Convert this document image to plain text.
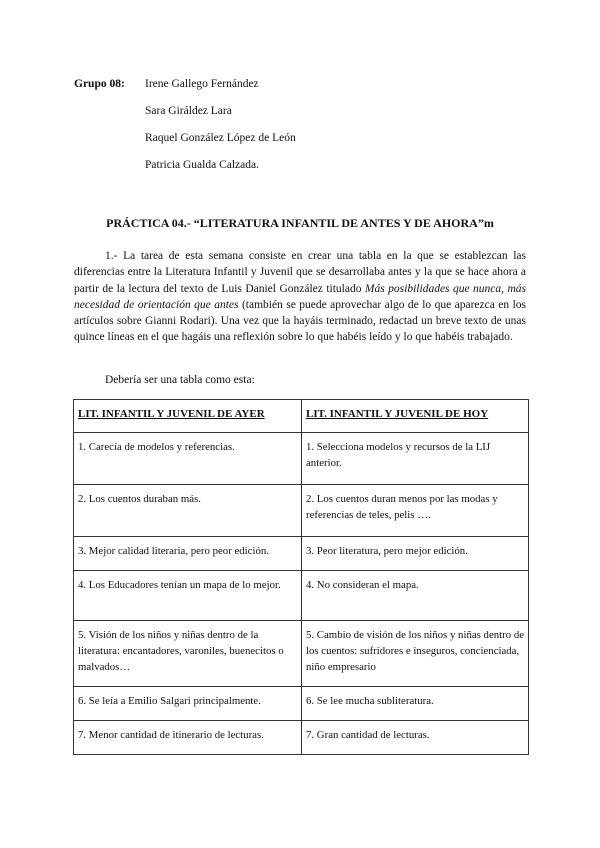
Grupo 08:	Irene Gallego Fernández
Sara Giráldez Lara
Raquel González López de León
Patricia Gualda Calzada.
PRÁCTICA 04.- “LITERATURA INFANTIL DE ANTES Y DE AHORA”m
1.- La tarea de esta semana consiste en crear una tabla en la que se establezcan las diferencias entre la Literatura Infantil y Juvenil que se desarrollaba antes y la que se hace ahora a partir de la lectura del texto de Luis Daniel González titulado Más posibilidades que nunca, más necesidad de orientación que antes (también se puede aprovechar algo de lo que aparezca en los artículos sobre Gianni Rodari). Una vez que la hayáis terminado, redactad un breve texto de unas quince líneas en el que hagáis una reflexión sobre lo que habéis leído y lo que habéis trabajado.
Debería ser una tabla como esta:
LIT. INFANTIL Y JUVENIL DE AYER	LIT. INFANTIL Y JUVENIL DE HOY
1. Carecía de modelos y referencias.	1. Selecciona modelos y recursos de la LIJ anterior.
2. Los cuentos duraban más.	2. Los cuentos duran menos por las modas y referencias de teles, pelis ….
3. Mejor calidad literaria, pero peor edición.	3. Peor literatura, pero mejor edición.
4. Los Educadores tenían un mapa de lo mejor.	4. No consideran el mapa.
5. Visión de los niños y niñas dentro de la literatura: encantadores, varoniles, buenecitos o malvados…	5. Cambio de visión de los niños y niñas dentro de los cuentos: sufridores e inseguros, concienciada, niño empresario
6. Se leía a Emilio Salgari principalmente.	6. Se lee mucha subliteratura.
7. Menor cantidad de itinerario de lecturas.	7. Gran cantidad de lecturas.
